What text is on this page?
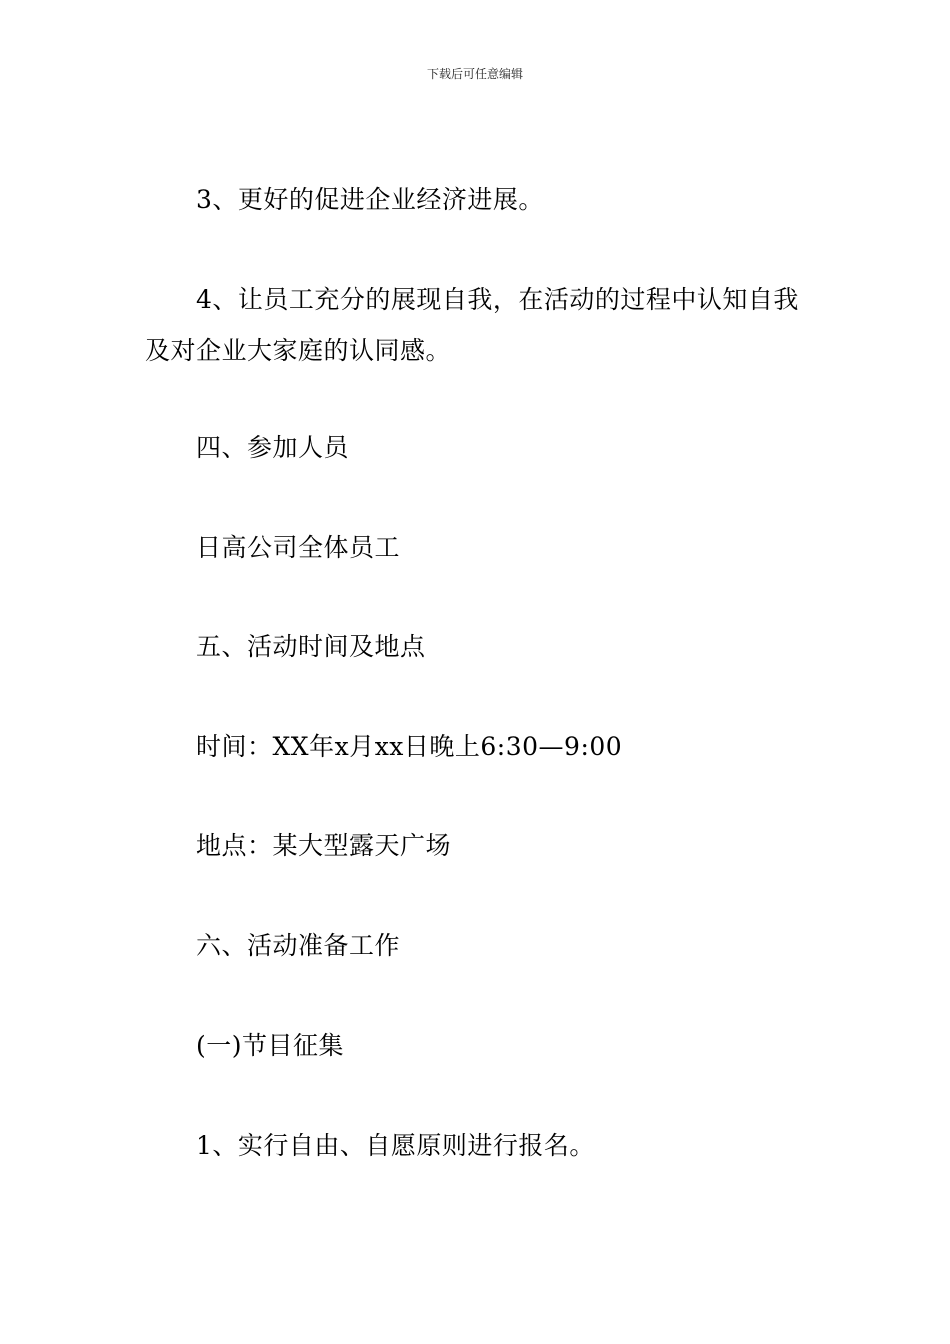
下载后可任意编辑
3、更好的促进企业经济进展。
4、让员工充分的展现自我，在活动的过程中认知自我
及对企业大家庭的认同感。
四、参加人员
日高公司全体员工
五、活动时间及地点
时间：XX年x月xx日晚上6:30—9:00
地点：某大型露天广场
六、活动准备工作
(一)节目征集
1、实行自由、自愿原则进行报名。
